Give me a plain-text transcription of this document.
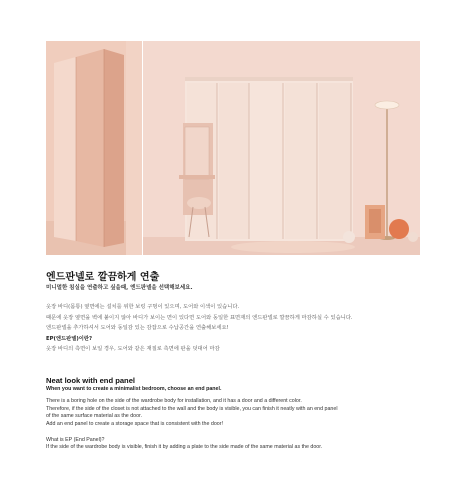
엔드판넬로 깔끔하게 연출
미니멀한 침실을 연출하고 싶을때, 엔드판넬을 선택해보세요.

옷장 바디(몸통) 옆면에는 설치를 위한 보링 구멍이 있으며, 도어와 이색이 있습니다.

때문에 옷장 옆면을 벽에 붙이지 않아 바디가 보이는 면이 있다면 도어와 동일한 표면재의 엔드판넬로 깔끔하게 마감하실 수 있습니다.

엔드판넬을 추가하셔서 도어와 동일감 있는 감잡으로 수납공간을 연출해보세요!

EP(엔드판넬)이란?

옷장 바디의 측면이 보일 경우, 도어와 같은 재질로 측면에 판을 덧대어 마감

Neat look with end panel
When you want to create a minimalist bedroom, choose an end panel.

There is a boring hole on the side of the wardrobe body for installation, and it has a door and a different color.

Therefore, if the side of the closet is not attached to the wall and the body is visible, you can finish it neatly with an end panel

of the same surface material as the door.

Add an end panel to create a storage space that is consistent with the door!

What is EP (End Panel)?

If the side of the wardrobe body is visible, finish it by adding a plate to the side made of the same material as the door.
